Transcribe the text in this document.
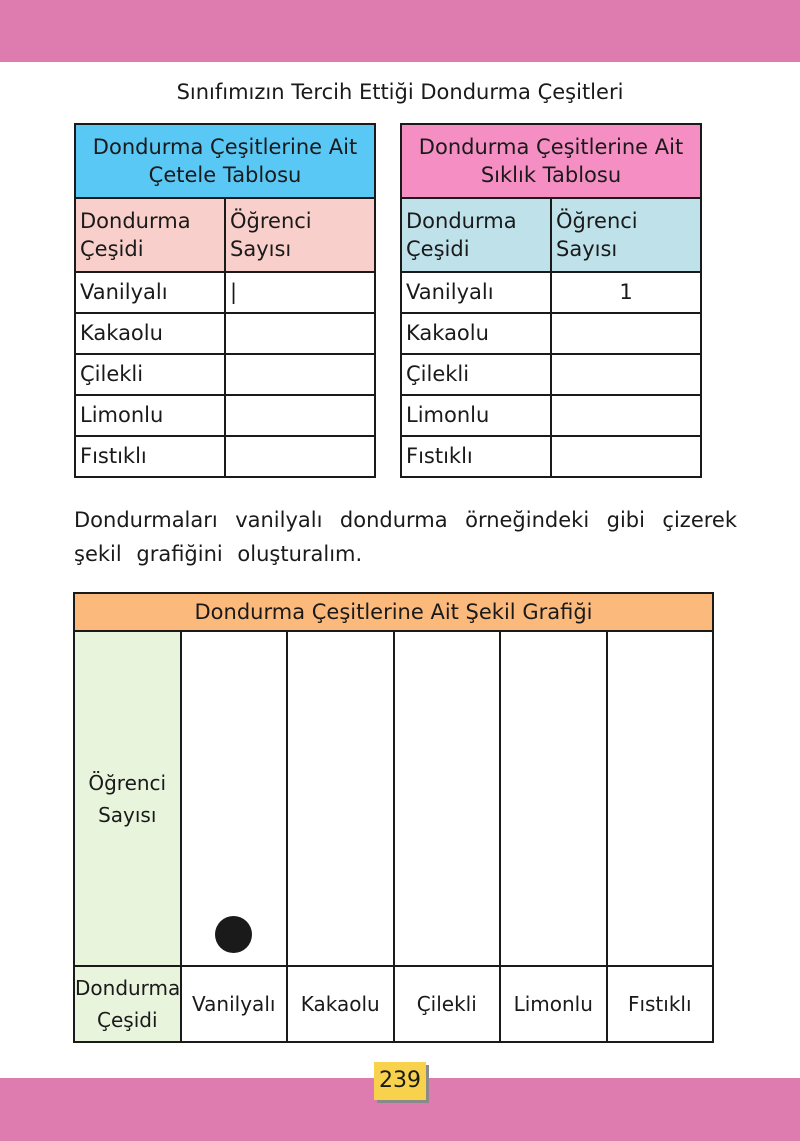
Sınıfımızın Tercih Ettiği Dondurma Çeşitleri
Dondurma Çeşitlerine Ait Çetele Tablosu	
Dondurma Çeşidi	Öğrenci Sayısı
Vanilyalı	|
Kakaolu	
Çilekli	
Limonlu	
Fıstıklı	
Dondurma Çeşitlerine Ait Sıklık Tablosu	
Dondurma Çeşidi	Öğrenci Sayısı
Vanilyalı	1
Kakaolu	
Çilekli	
Limonlu	
Fıstıklı	

Dondurmaları vanilyalı dondurma örneğindeki gibi çizerek şekil grafiğini oluşturalım.

Dondurma Çeşitlerine Ait Şekil Grafiği					
Öğrenci Sayısı	

Dondurma Çeşidi	Vanilyalı	Kakaolu	Çilekli	Limonlu	Fıstıklı
239
